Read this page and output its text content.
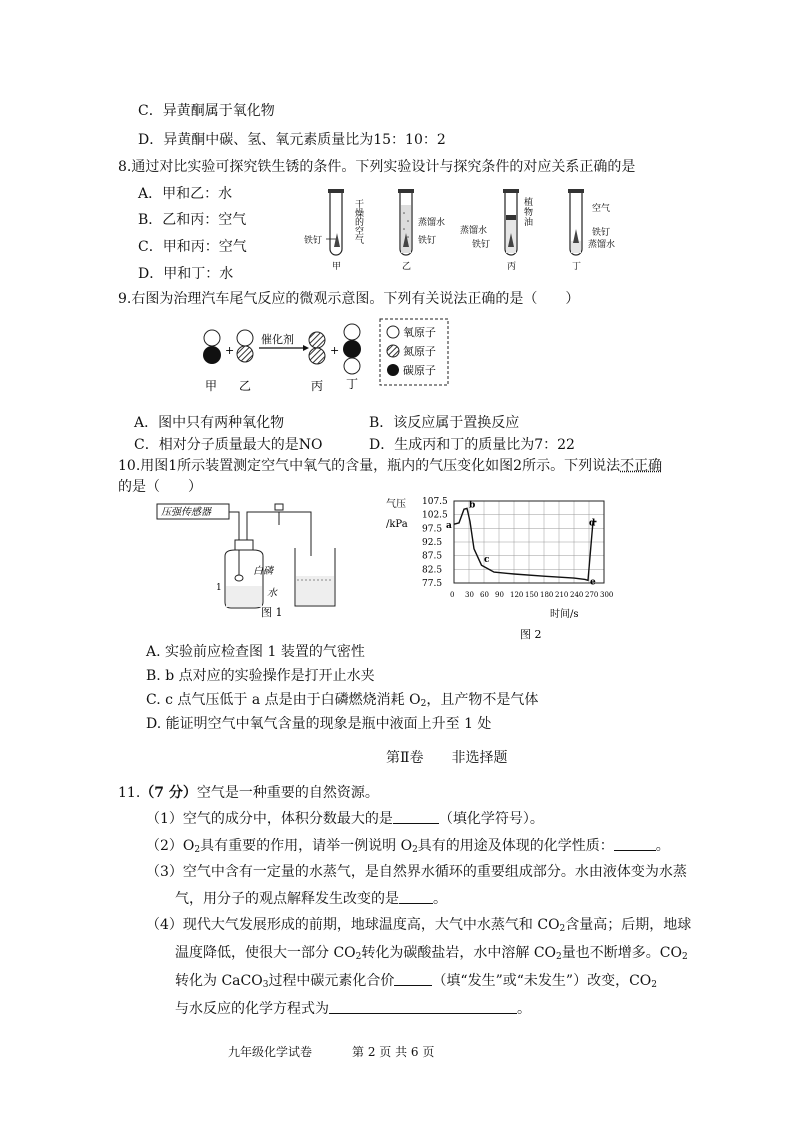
C．异黄酮属于氧化物
D．异黄酮中碳、氢、氧元素质量比为15：10：2
8.通过对比实验可探究铁生锈的条件。下列实验设计与探究条件的对应关系正确的是
A．甲和乙：水
B．乙和丙：空气
C．甲和丙：空气
D．甲和丁：水
干燥的空气
铁钉
甲
蒸馏水
铁钉
乙
植
物
油
蒸馏水
铁钉
丙
空气
铁钉
蒸馏水
丁
9.右图为治理汽车尾气反应的微观示意图。下列有关说法正确的是（　　）
+
催化剂
+
甲 乙	丙 丁
氧原子
氮原子
碳原子
A．图中只有两种氧化物	B．该反应属于置换反应
C．相对分子质量最大的是NO	D．生成丙和丁的质量比为7：22
10.用图1所示装置测定空气中氧气的含量，瓶内的气压变化如图2所示。下列说法不正确
的是（　　）
压强传感器
白磷
水
1
图 1
气压
/kPa
107.5
102.5
97.5
92.5
87.5
82.5
77.5
0 30 60 90 120 150 180 210 240 270 300
a
b
c
d
e
时间/s
图 2
A. 实验前应检查图 1 装置的气密性
B. b 点对应的实验操作是打开止水夹
C. c 点气压低于 a 点是由于白磷燃烧消耗 $O_2$，且产物不是气体
D. 能证明空气中氧气含量的现象是瓶中液面上升至 1 处
第Ⅱ卷　　非选择题
11.（7 分）空气是一种重要的自然资源。
（1）空气的成分中，体积分数最大的是	（填化学符号）。
$(2)O_2$具有重要的作用，请举一例说明 $O_2$具有的用途及体现的化学性质：	。
（3）空气中含有一定量的水蒸气，是自然界水循环的重要组成部分。水由液体变为水蒸
气，用分子的观点解释发生改变的是 。
（4）现代大气发展形成的前期，地球温度高，大气中水蒸气和 $CO_2$含量高；后期，地球
温度降低，使很大一部分 $CO_2$转化为碳酸盐岩，水中溶解 $CO_2$量也不断增多。$CO_2$
转化为 CaCO$_3$过程中碳元素化合价	（填“发生”或“未发生”）改变，$CO_2$
与水反应的化学方程式为	。
九年级化学试卷	第 2 页 共 6 页
